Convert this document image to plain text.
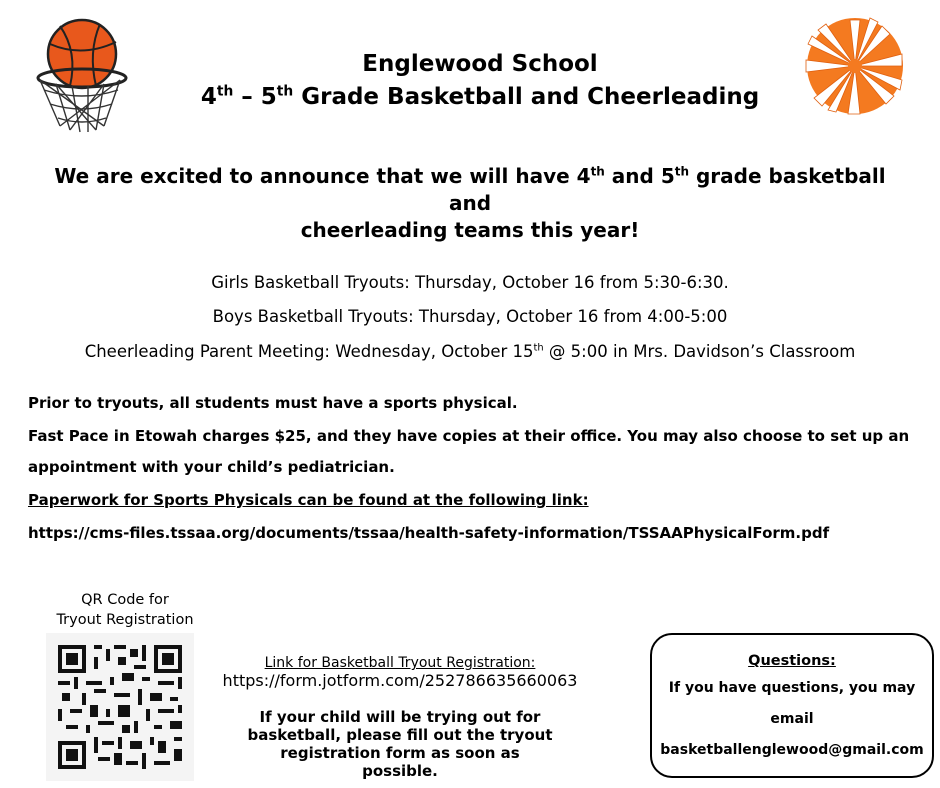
Englewood School
4th – 5th Grade Basketball and Cheerleading
We are excited to announce that we will have 4th and 5th grade basketball and
cheerleading teams this year!
Girls Basketball Tryouts: Thursday, October 16 from 5:30-6:30.
Boys Basketball Tryouts: Thursday, October 16 from 4:00-5:00
Cheerleading Parent Meeting: Wednesday, October 15th @ 5:00 in Mrs. Davidson’s Classroom
Prior to tryouts, all students must have a sports physical.
Fast Pace in Etowah charges $25, and they have copies at their office. You may also choose to set up an
appointment with your child’s pediatrician.
Paperwork for Sports Physicals can be found at the following link:
https://cms-files.tssaa.org/documents/tssaa/health-safety-information/TSSAAPhysicalForm.pdf
QR Code for
Tryout Registration
Link for Basketball Tryout Registration:
https://form.jotform.com/252786635660063
If your child will be trying out for basketball, please fill out the tryout registration form as soon as possible.
Questions:
If you have questions, you may
email
basketballenglewood@gmail.com
